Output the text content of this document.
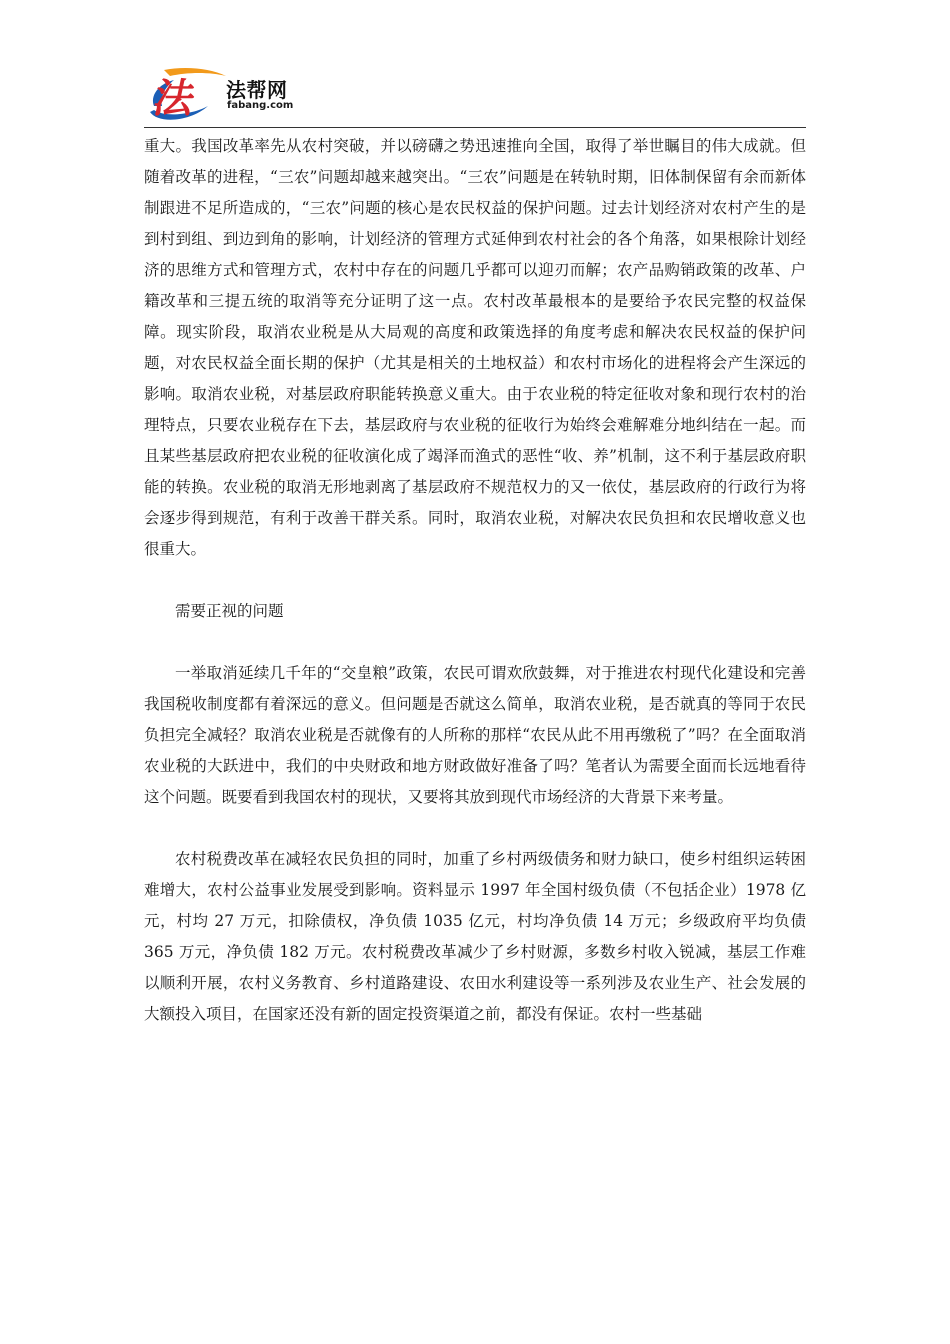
法 法帮网
fabang.com

重大。我国改革率先从农村突破，并以磅礴之势迅速推向全国，取得了举世瞩目的伟大成就。但随着改革的进程，“三农”问题却越来越突出。“三农”问题是在转轨时期，旧体制保留有余而新体制跟进不足所造成的，“三农”问题的核心是农民权益的保护问题。过去计划经济对农村产生的是到村到组、到边到角的影响，计划经济的管理方式延伸到农村社会的各个角落，如果根除计划经济的思维方式和管理方式，农村中存在的问题几乎都可以迎刃而解；农产品购销政策的改革、户籍改革和三提五统的取消等充分证明了这一点。农村改革最根本的是要给予农民完整的权益保障。现实阶段，取消农业税是从大局观的高度和政策选择的角度考虑和解决农民权益的保护问题，对农民权益全面长期的保护（尤其是相关的土地权益）和农村市场化的进程将会产生深远的影响。取消农业税，对基层政府职能转换意义重大。由于农业税的特定征收对象和现行农村的治理特点，只要农业税存在下去，基层政府与农业税的征收行为始终会难解难分地纠结在一起。而且某些基层政府把农业税的征收演化成了竭泽而渔式的恶性“收、养”机制，这不利于基层政府职能的转换。农业税的取消无形地剥离了基层政府不规范权力的又一依仗，基层政府的行政行为将会逐步得到规范，有利于改善干群关系。同时，取消农业税，对解决农民负担和农民增收意义也很重大。

需要正视的问题

一举取消延续几千年的“交皇粮”政策，农民可谓欢欣鼓舞，对于推进农村现代化建设和完善我国税收制度都有着深远的意义。但问题是否就这么简单，取消农业税，是否就真的等同于农民负担完全减轻？取消农业税是否就像有的人所称的那样“农民从此不用再缴税了”吗？在全面取消农业税的大跃进中，我们的中央财政和地方财政做好准备了吗？笔者认为需要全面而长远地看待这个问题。既要看到我国农村的现状，又要将其放到现代市场经济的大背景下来考量。

农村税费改革在减轻农民负担的同时，加重了乡村两级债务和财力缺口，使乡村组织运转困难增大，农村公益事业发展受到影响。资料显示 1997 年全国村级负债（不包括企业）1978 亿元，村均 27 万元，扣除债权，净负债 1035 亿元，村均净负债 14 万元；乡级政府平均负债 365 万元，净负债 182 万元。农村税费改革减少了乡村财源，多数乡村收入锐减，基层工作难以顺利开展，农村义务教育、乡村道路建设、农田水利建设等一系列涉及农业生产、社会发展的大额投入项目，在国家还没有新的固定投资渠道之前，都没有保证。农村一些基础
